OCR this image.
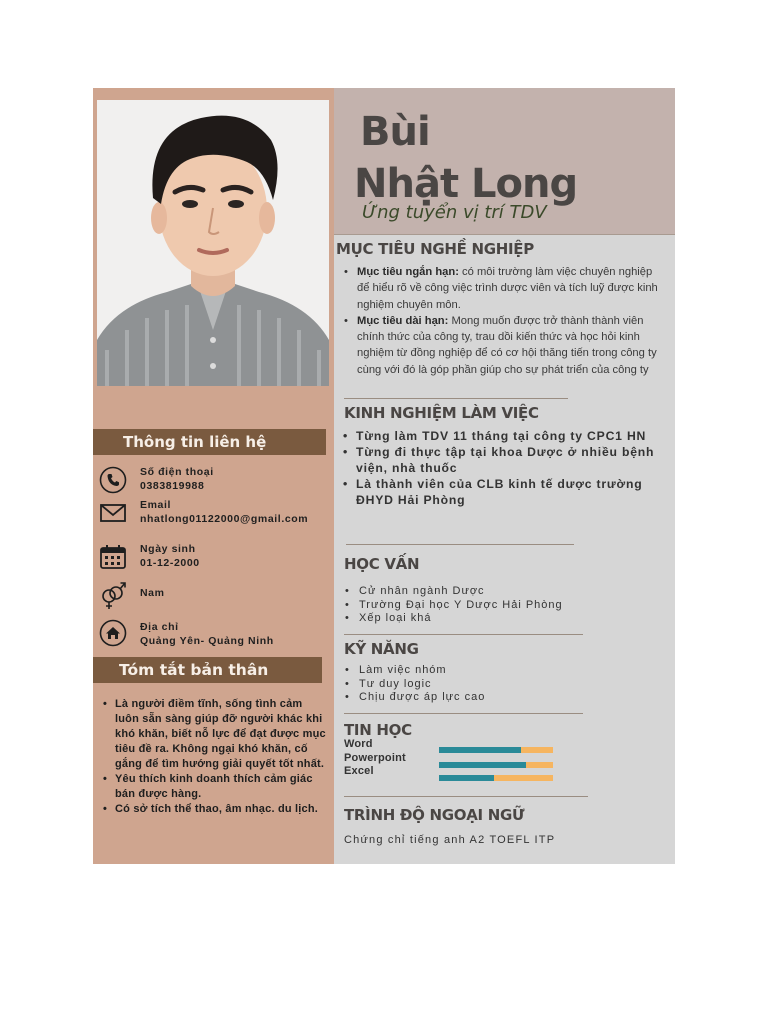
Bùi
Nhật Long
Ứng tuyển vị trí TDV
Thông tin liên hệ
Số điện thoại
0383819988
Email
nhatlong01122000@gmail.com
Ngày sinh
01-12-2000
Nam
Địa chỉ
Quảng Yên- Quảng Ninh
Tóm tắt bản thân
• Là người điềm tĩnh, sống tình cảm luôn sẵn sàng giúp đỡ người khác khi khó khăn, biết nỗ lực để đạt được mục tiêu đề ra. Không ngại khó khăn, cố gắng để tìm hướng giải quyết tốt nhất.
• Yêu thích kinh doanh thích cảm giác bán được hàng.
• Có sở tích thể thao, âm nhạc. du lịch.
MỤC TIÊU NGHỀ NGHIỆP
• Mục tiêu ngắn hạn: có môi trường làm việc chuyên nghiệp để hiểu rõ về công việc trình dược viên và tích luỹ được kinh nghiệm chuyên môn.
• Mục tiêu dài hạn: Mong muốn được trở thành thành viên chính thức của công ty, trau dồi kiến thức và học hỏi kinh nghiệm từ đồng nghiệp để có cơ hội thăng tiến trong công ty cùng với đó là góp phần giúp cho sự phát triển của công ty
KINH NGHIỆM LÀM VIỆC
• Từng làm TDV 11 tháng tại công ty CPC1 HN
• Từng đi thực tập tại khoa Dược ở nhiều bệnh viện, nhà thuốc
• Là thành viên của CLB kinh tế dược trường ĐHYD Hải Phòng
HỌC VẤN
• Cử nhân ngành Dược
• Trường Đại học Y Dược Hải Phòng
• Xếp loại khá
KỸ NĂNG
• Làm việc nhóm
• Tư duy logic
• Chịu được áp lực cao
TIN HỌC
Word
Powerpoint
Excel
TRÌNH ĐỘ NGOẠI NGỮ
Chứng chỉ tiếng anh A2 TOEFL ITP
